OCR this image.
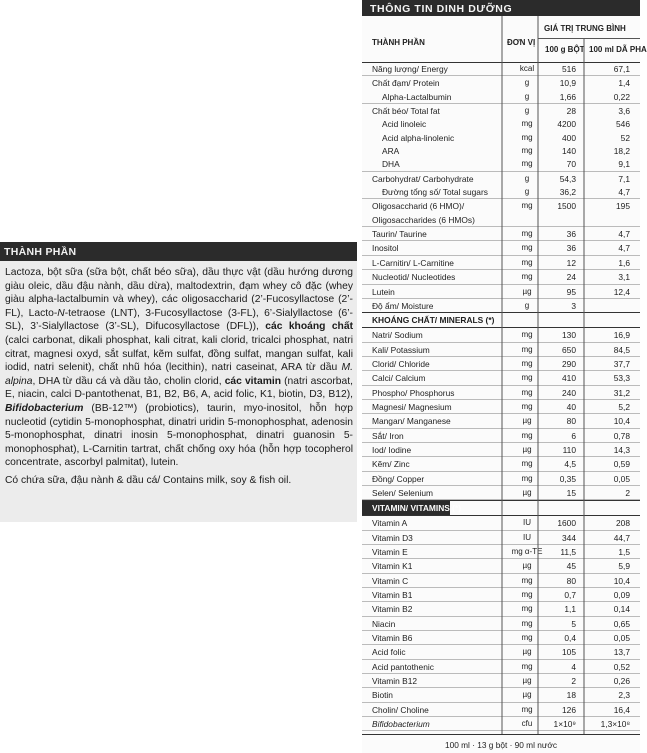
THÀNH PHẦN

Lactoza, bột sữa (sữa bột, chất béo sữa), dầu thực vật (dầu hướng dương giàu oleic, dầu đậu nành, dầu dừa), maltodextrin, đạm whey cô đặc (whey giàu alpha-lactalbumin và whey), các oligosaccharid (2’-Fucosyllactose (2’-FL), Lacto-N-tetraose (LNT), 3-Fucosyllactose (3-FL), 6’-Sialyllactose (6’-SL), 3’-Sialyllactose (3’-SL), Difucosyllactose (DFL)), các khoáng chất (calci carbonat, dikali phosphat, kali citrat, kali clorid, tricalci phosphat, natri citrat, magnesi oxyd, sắt sulfat, kẽm sulfat, đồng sulfat, mangan sulfat, kali iodid, natri selenit), chất nhũ hóa (lecithin), natri caseinat, ARA từ dầu M. alpina, DHA từ dầu cá và dầu tảo, cholin clorid, các vitamin (natri ascorbat, E, niacin, calci D-pantothenat, B1, B2, B6, A, acid folic, K1, biotin, D3, B12), Bifidobacterium (BB-12™) (probiotics), taurin, myo-inositol, hỗn hợp nucleotid (cytidin 5-monophosphat, dinatri uridin 5-monophosphat, adenosin 5-monophosphat, dinatri inosin 5-monophosphat, dinatri guanosin 5-monophosphat), L-Carnitin tartrat, chất chống oxy hóa (hỗn hợp tocopherol concentrate, ascorbyl palmitat), lutein.

Có chứa sữa, đậu nành & dầu cá/ Contains milk, soy & fish oil.

THÔNG TIN DINH DƯỠNG
THÀNH PHẦN	ĐƠN VỊ
GIÁ TRỊ TRUNG BÌNH
100 g BỘT 100 ml DÃ PHA
Năng lượng/ Energy	kcal	516	67,1
Chất đạm/ Protein	g	10,9	1,4
Alpha-Lactalbumin	g	1,66	0,22
Chất béo/ Total fat	g	28	3,6
Acid linoleic	mg	4200	546
Acid alpha-linolenic	mg	400	52
ARA	mg	140	18,2
DHA	mg	70	9,1
Carbohydrat/ Carbohydrate	g	54,3	7,1
Đường tổng số/ Total sugars	g	36,2	4,7
Oligosaccharid (6 HMO)/	mg	1500	195
Oligosaccharides (6 HMOs)
Taurin/ Taurine	mg	36	4,7
Inositol	mg	36	4,7
L-Carnitin/ L-Carnitine	mg	12	1,6
Nucleotid/ Nucleotides	mg	24	3,1
Lutein	µg	95	12,4
Độ ẩm/ Moisture	g	3
KHOÁNG CHẤT/ MINERALS (*)
Natri/ Sodium	mg	130	16,9
Kali/ Potassium	mg	650	84,5
Clorid/ Chloride	mg	290	37,7
Calci/ Calcium	mg	410	53,3
Phospho/ Phosphorus	mg	240	31,2
Magnesi/ Magnesium	mg	40	5,2
Mangan/ Manganese	µg	80	10,4
Sắt/ Iron	mg	6	0,78
Iod/ Iodine	µg	110	14,3
Kẽm/ Zinc	mg	4,5	0,59
Đồng/ Copper	mg	0,35	0,05
Selen/ Selenium	µg	15	2
VITAMIN/ VITAMINS (*)
Vitamin A	IU	1600	208
Vitamin D3	IU	344	44,7
Vitamin E	mg α-TE	11,5	1,5
Vitamin K1	µg	45	5,9
Vitamin C	mg	80	10,4
Vitamin B1	mg	0,7	0,09
Vitamin B2	mg	1,1	0,14
Niacin	mg	5	0,65
Vitamin B6	mg	0,4	0,05
Acid folic	µg	105	13,7
Acid pantothenic	mg	4	0,52
Vitamin B12	µg	2	0,26
Biotin	µg	18	2,3
Cholin/ Choline	mg	126	16,4
Bifidobacterium	cfu	1×10⁹	1,3×10⁸
100 ml · 13 g bột · 90 ml nước
